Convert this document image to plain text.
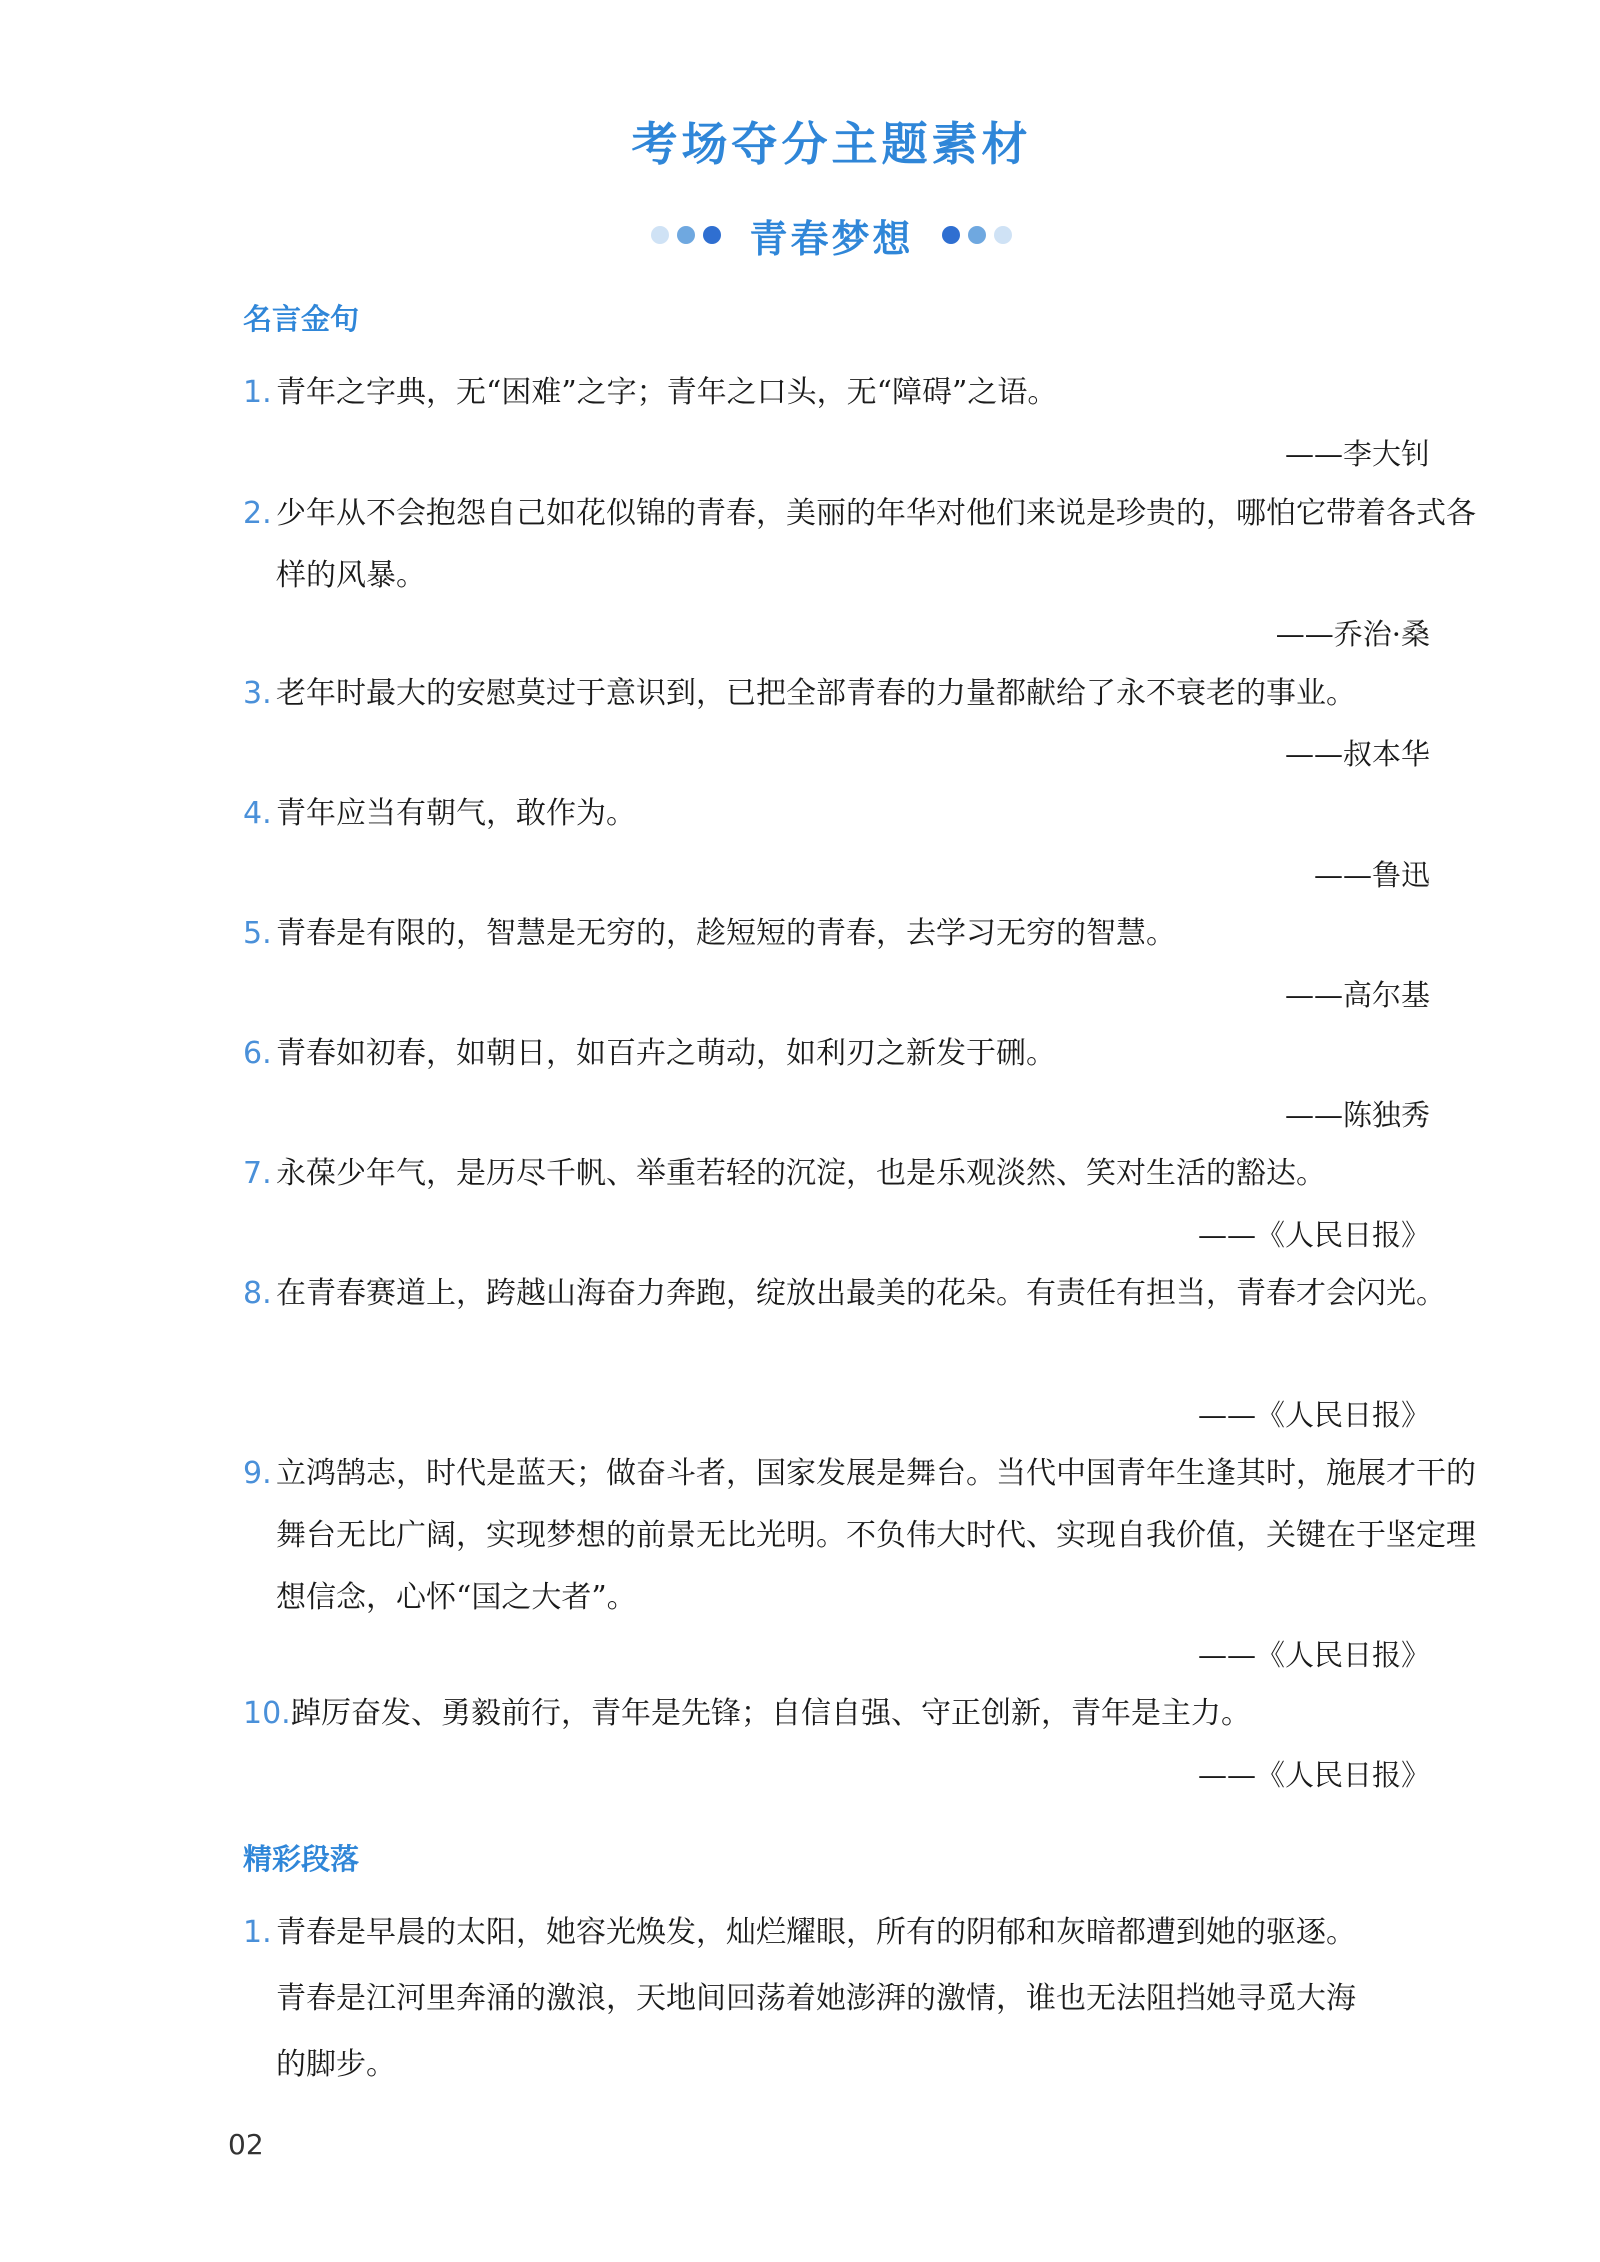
考场夺分主题素材
青春梦想
名言金句
1. 青年之字典，无“困难”之字；青年之口头，无“障碍”之语。
——李大钊
2. 少年从不会抱怨自己如花似锦的青春，美丽的年华对他们来说是珍贵的，哪怕它带着各式各样的风暴。
——乔治·桑
3. 老年时最大的安慰莫过于意识到，已把全部青春的力量都献给了永不衰老的事业。
——叔本华
4. 青年应当有朝气，敢作为。
——鲁迅
5. 青春是有限的，智慧是无穷的，趁短短的青春，去学习无穷的智慧。
——高尔基
6. 青春如初春，如朝日，如百卉之萌动，如利刃之新发于硎。
——陈独秀
7. 永葆少年气，是历尽千帆、举重若轻的沉淀，也是乐观淡然、笑对生活的豁达。
——《人民日报》
8. 在青春赛道上，跨越山海奋力奔跑，绽放出最美的花朵。有责任有担当，青春才会闪光。
——《人民日报》
9. 立鸿鹄志，时代是蓝天；做奋斗者，国家发展是舞台。当代中国青年生逢其时，施展才干的舞台无比广阔，实现梦想的前景无比光明。不负伟大时代、实现自我价值，关键在于坚定理想信念，心怀“国之大者”。
——《人民日报》
10. 踔厉奋发、勇毅前行，青年是先锋；自信自强、守正创新，青年是主力。
——《人民日报》
精彩段落
1. 青春是早晨的太阳，她容光焕发，灿烂耀眼，所有的阴郁和灰暗都遭到她的驱逐。
青春是江河里奔涌的激浪，天地间回荡着她澎湃的激情，谁也无法阻挡她寻觅大海
的脚步。
02
